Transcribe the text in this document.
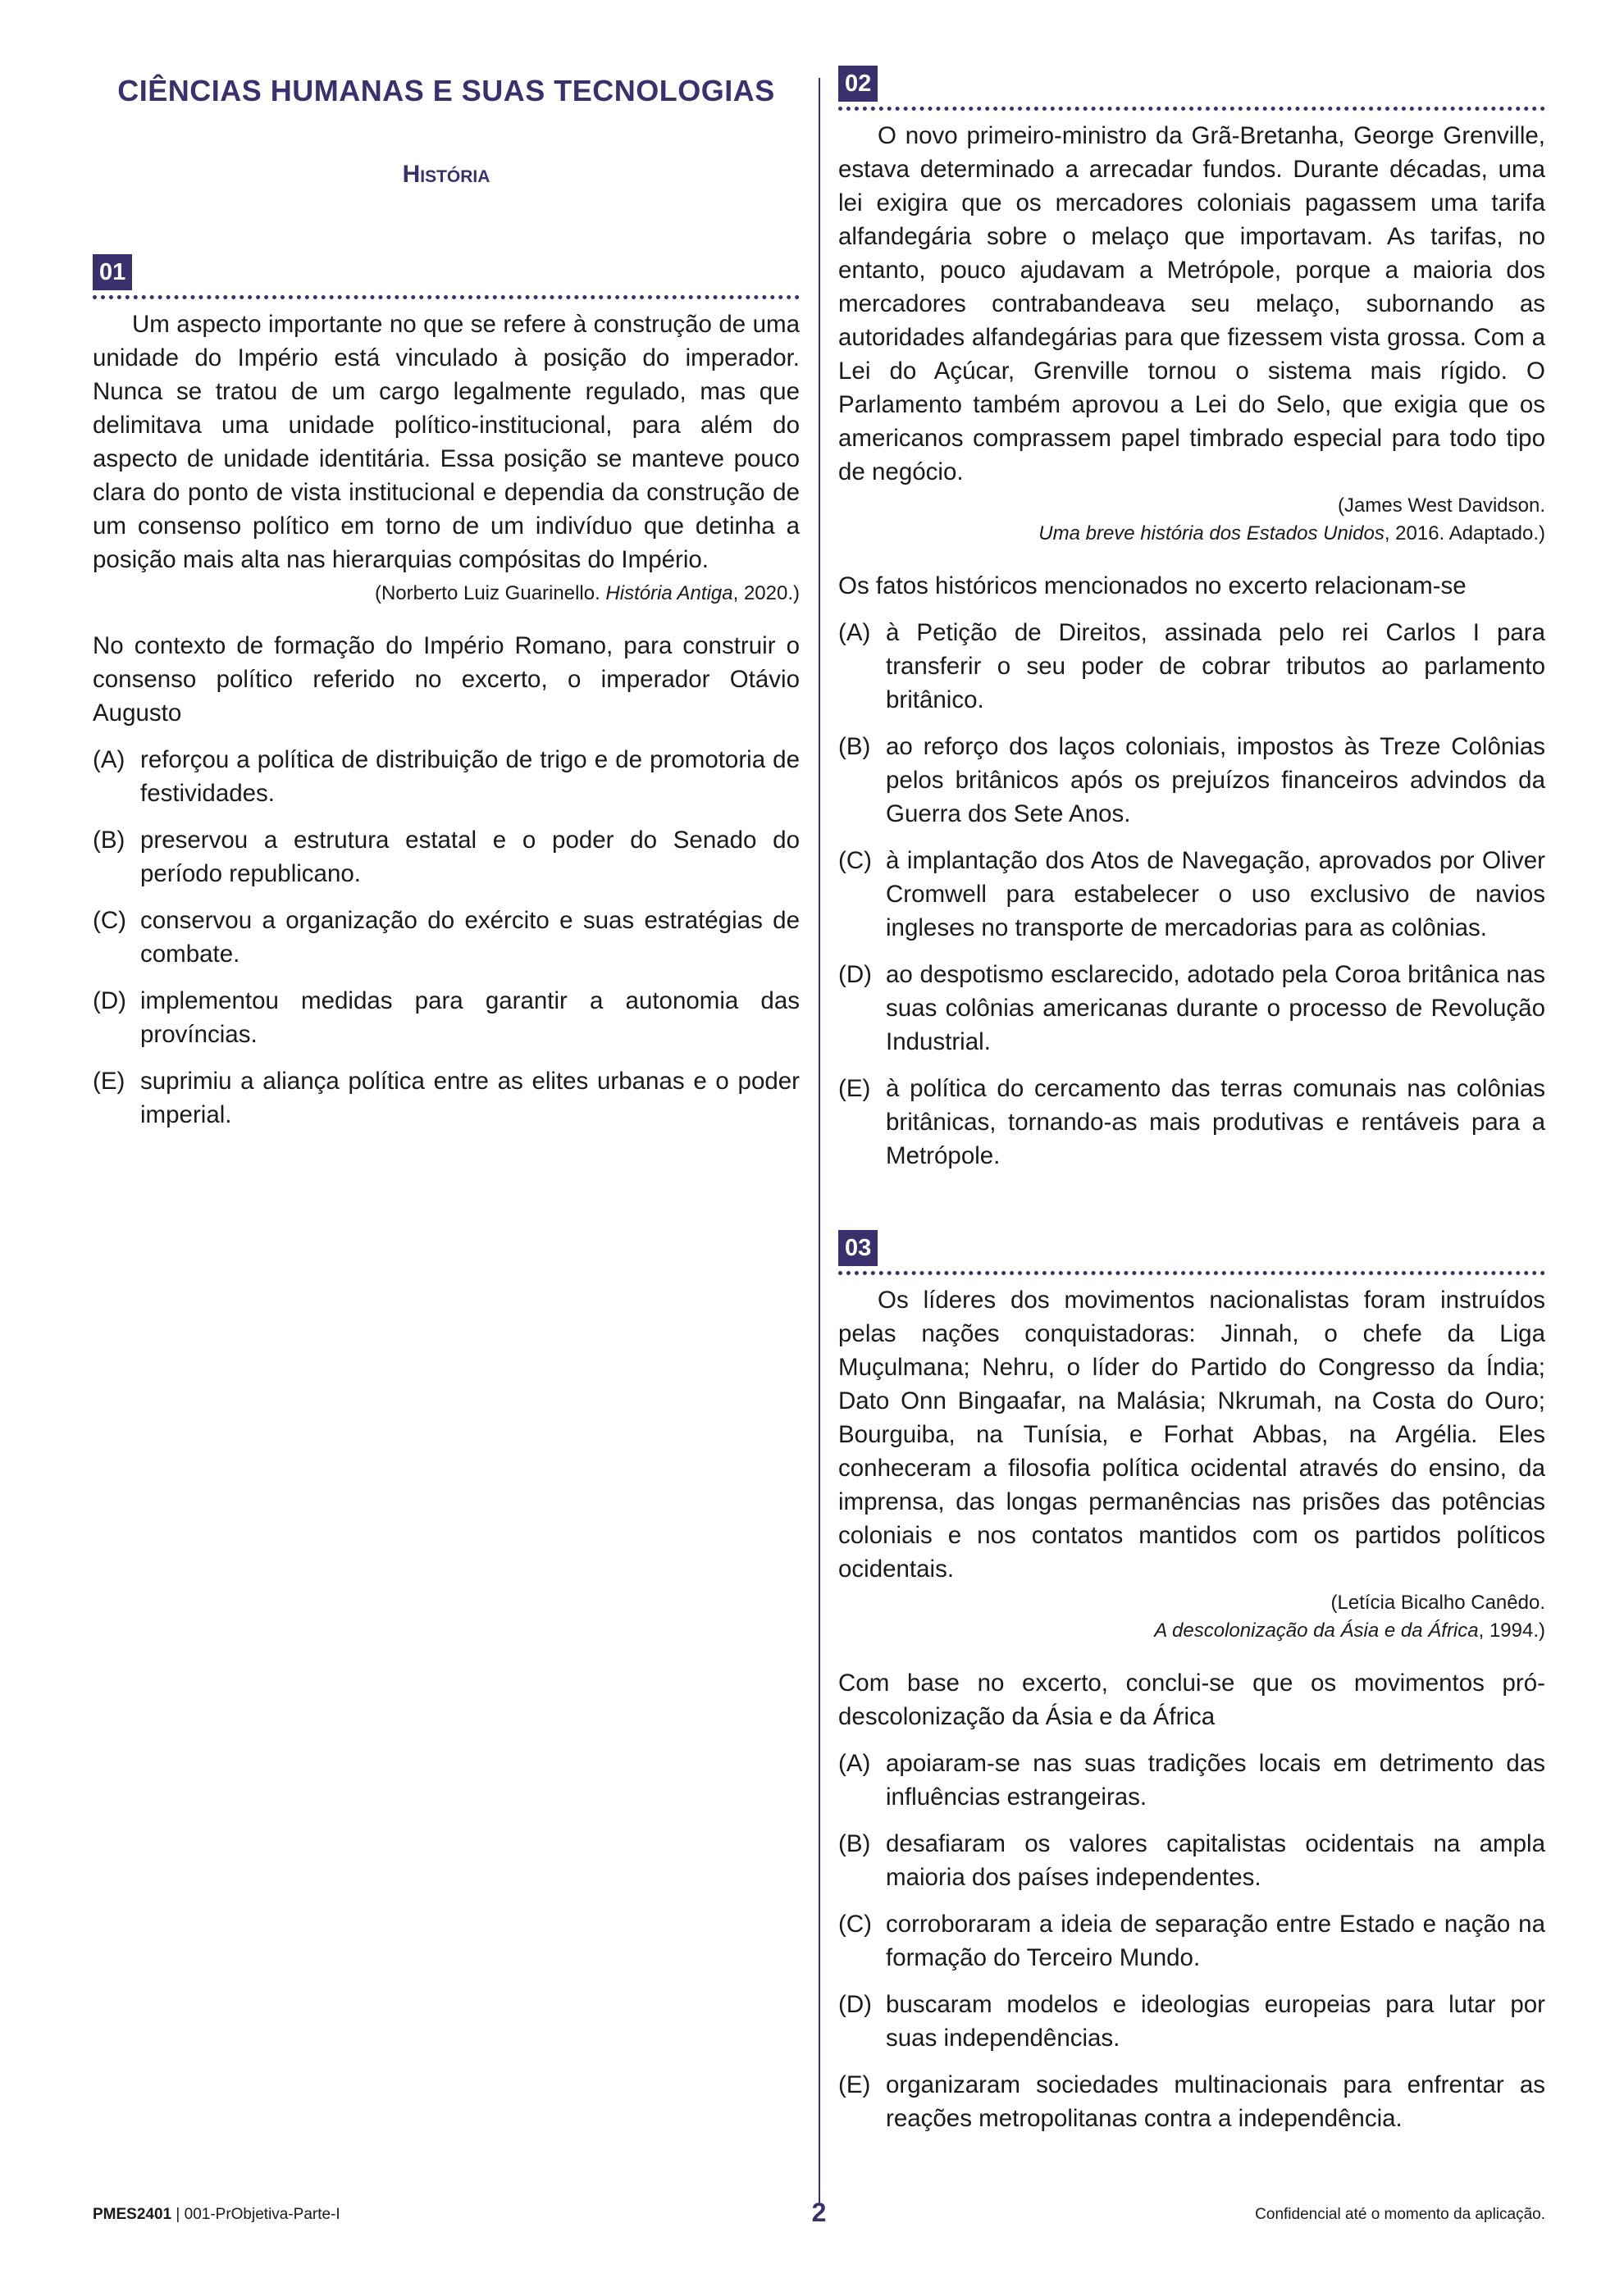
CIÊNCIAS HUMANAS E SUAS TECNOLOGIAS
História
01

Um aspecto importante no que se refere à construção de uma unidade do Império está vinculado à posição do imperador. Nunca se tratou de um cargo legalmente regulado, mas que delimitava uma unidade político-institucional, para além do aspecto de unidade identitária. Essa posição se manteve pouco clara do ponto de vista institucional e dependia da construção de um consenso político em torno de um indivíduo que detinha a posição mais alta nas hierarquias compósitas do Império.

(Norberto Luiz Guarinello. História Antiga, 2020.)

No contexto de formação do Império Romano, para construir o consenso político referido no excerto, o imperador Otávio Augusto

(A) reforçou a política de distribuição de trigo e de promotoria de festividades.
(B) preservou a estrutura estatal e o poder do Senado do período republicano.
(C) conservou a organização do exército e suas estratégias de combate.
(D) implementou medidas para garantir a autonomia das províncias.
(E) suprimiu a aliança política entre as elites urbanas e o poder imperial.
02

O novo primeiro-ministro da Grã-Bretanha, George Grenville, estava determinado a arrecadar fundos. Durante décadas, uma lei exigira que os mercadores coloniais pagassem uma tarifa alfandegária sobre o melaço que importavam. As tarifas, no entanto, pouco ajudavam a Metrópole, porque a maioria dos mercadores contrabandeava seu melaço, subornando as autoridades alfandegárias para que fizessem vista grossa. Com a Lei do Açúcar, Grenville tornou o sistema mais rígido. O Parlamento também aprovou a Lei do Selo, que exigia que os americanos comprassem papel timbrado especial para todo tipo de negócio.

(James West Davidson.
Uma breve história dos Estados Unidos, 2016. Adaptado.)

Os fatos históricos mencionados no excerto relacionam-se

(A) à Petição de Direitos, assinada pelo rei Carlos I para transferir o seu poder de cobrar tributos ao parlamento britânico.
(B) ao reforço dos laços coloniais, impostos às Treze Colônias pelos britânicos após os prejuízos financeiros advindos da Guerra dos Sete Anos.
(C) à implantação dos Atos de Navegação, aprovados por Oliver Cromwell para estabelecer o uso exclusivo de navios ingleses no transporte de mercadorias para as colônias.
(D) ao despotismo esclarecido, adotado pela Coroa britânica nas suas colônias americanas durante o processo de Revolução Industrial.
(E) à política do cercamento das terras comunais nas colônias britânicas, tornando-as mais produtivas e rentáveis para a Metrópole.
03

Os líderes dos movimentos nacionalistas foram instruídos pelas nações conquistadoras: Jinnah, o chefe da Liga Muçulmana; Nehru, o líder do Partido do Congresso da Índia; Dato Onn Bingaafar, na Malásia; Nkrumah, na Costa do Ouro; Bourguiba, na Tunísia, e Forhat Abbas, na Argélia. Eles conheceram a filosofia política ocidental através do ensino, da imprensa, das longas permanências nas prisões das potências coloniais e nos contatos mantidos com os partidos políticos ocidentais.

(Letícia Bicalho Canêdo.
A descolonização da Ásia e da África, 1994.)

Com base no excerto, conclui-se que os movimentos pró-descolonização da Ásia e da África

(A) apoiaram-se nas suas tradições locais em detrimento das influências estrangeiras.
(B) desafiaram os valores capitalistas ocidentais na ampla maioria dos países independentes.
(C) corroboraram a ideia de separação entre Estado e nação na formação do Terceiro Mundo.
(D) buscaram modelos e ideologias europeias para lutar por suas independências.
(E) organizaram sociedades multinacionais para enfrentar as reações metropolitanas contra a independência.
PMES2401 | 001-PrObjetiva-Parte-I	2	Confidencial até o momento da aplicação.
